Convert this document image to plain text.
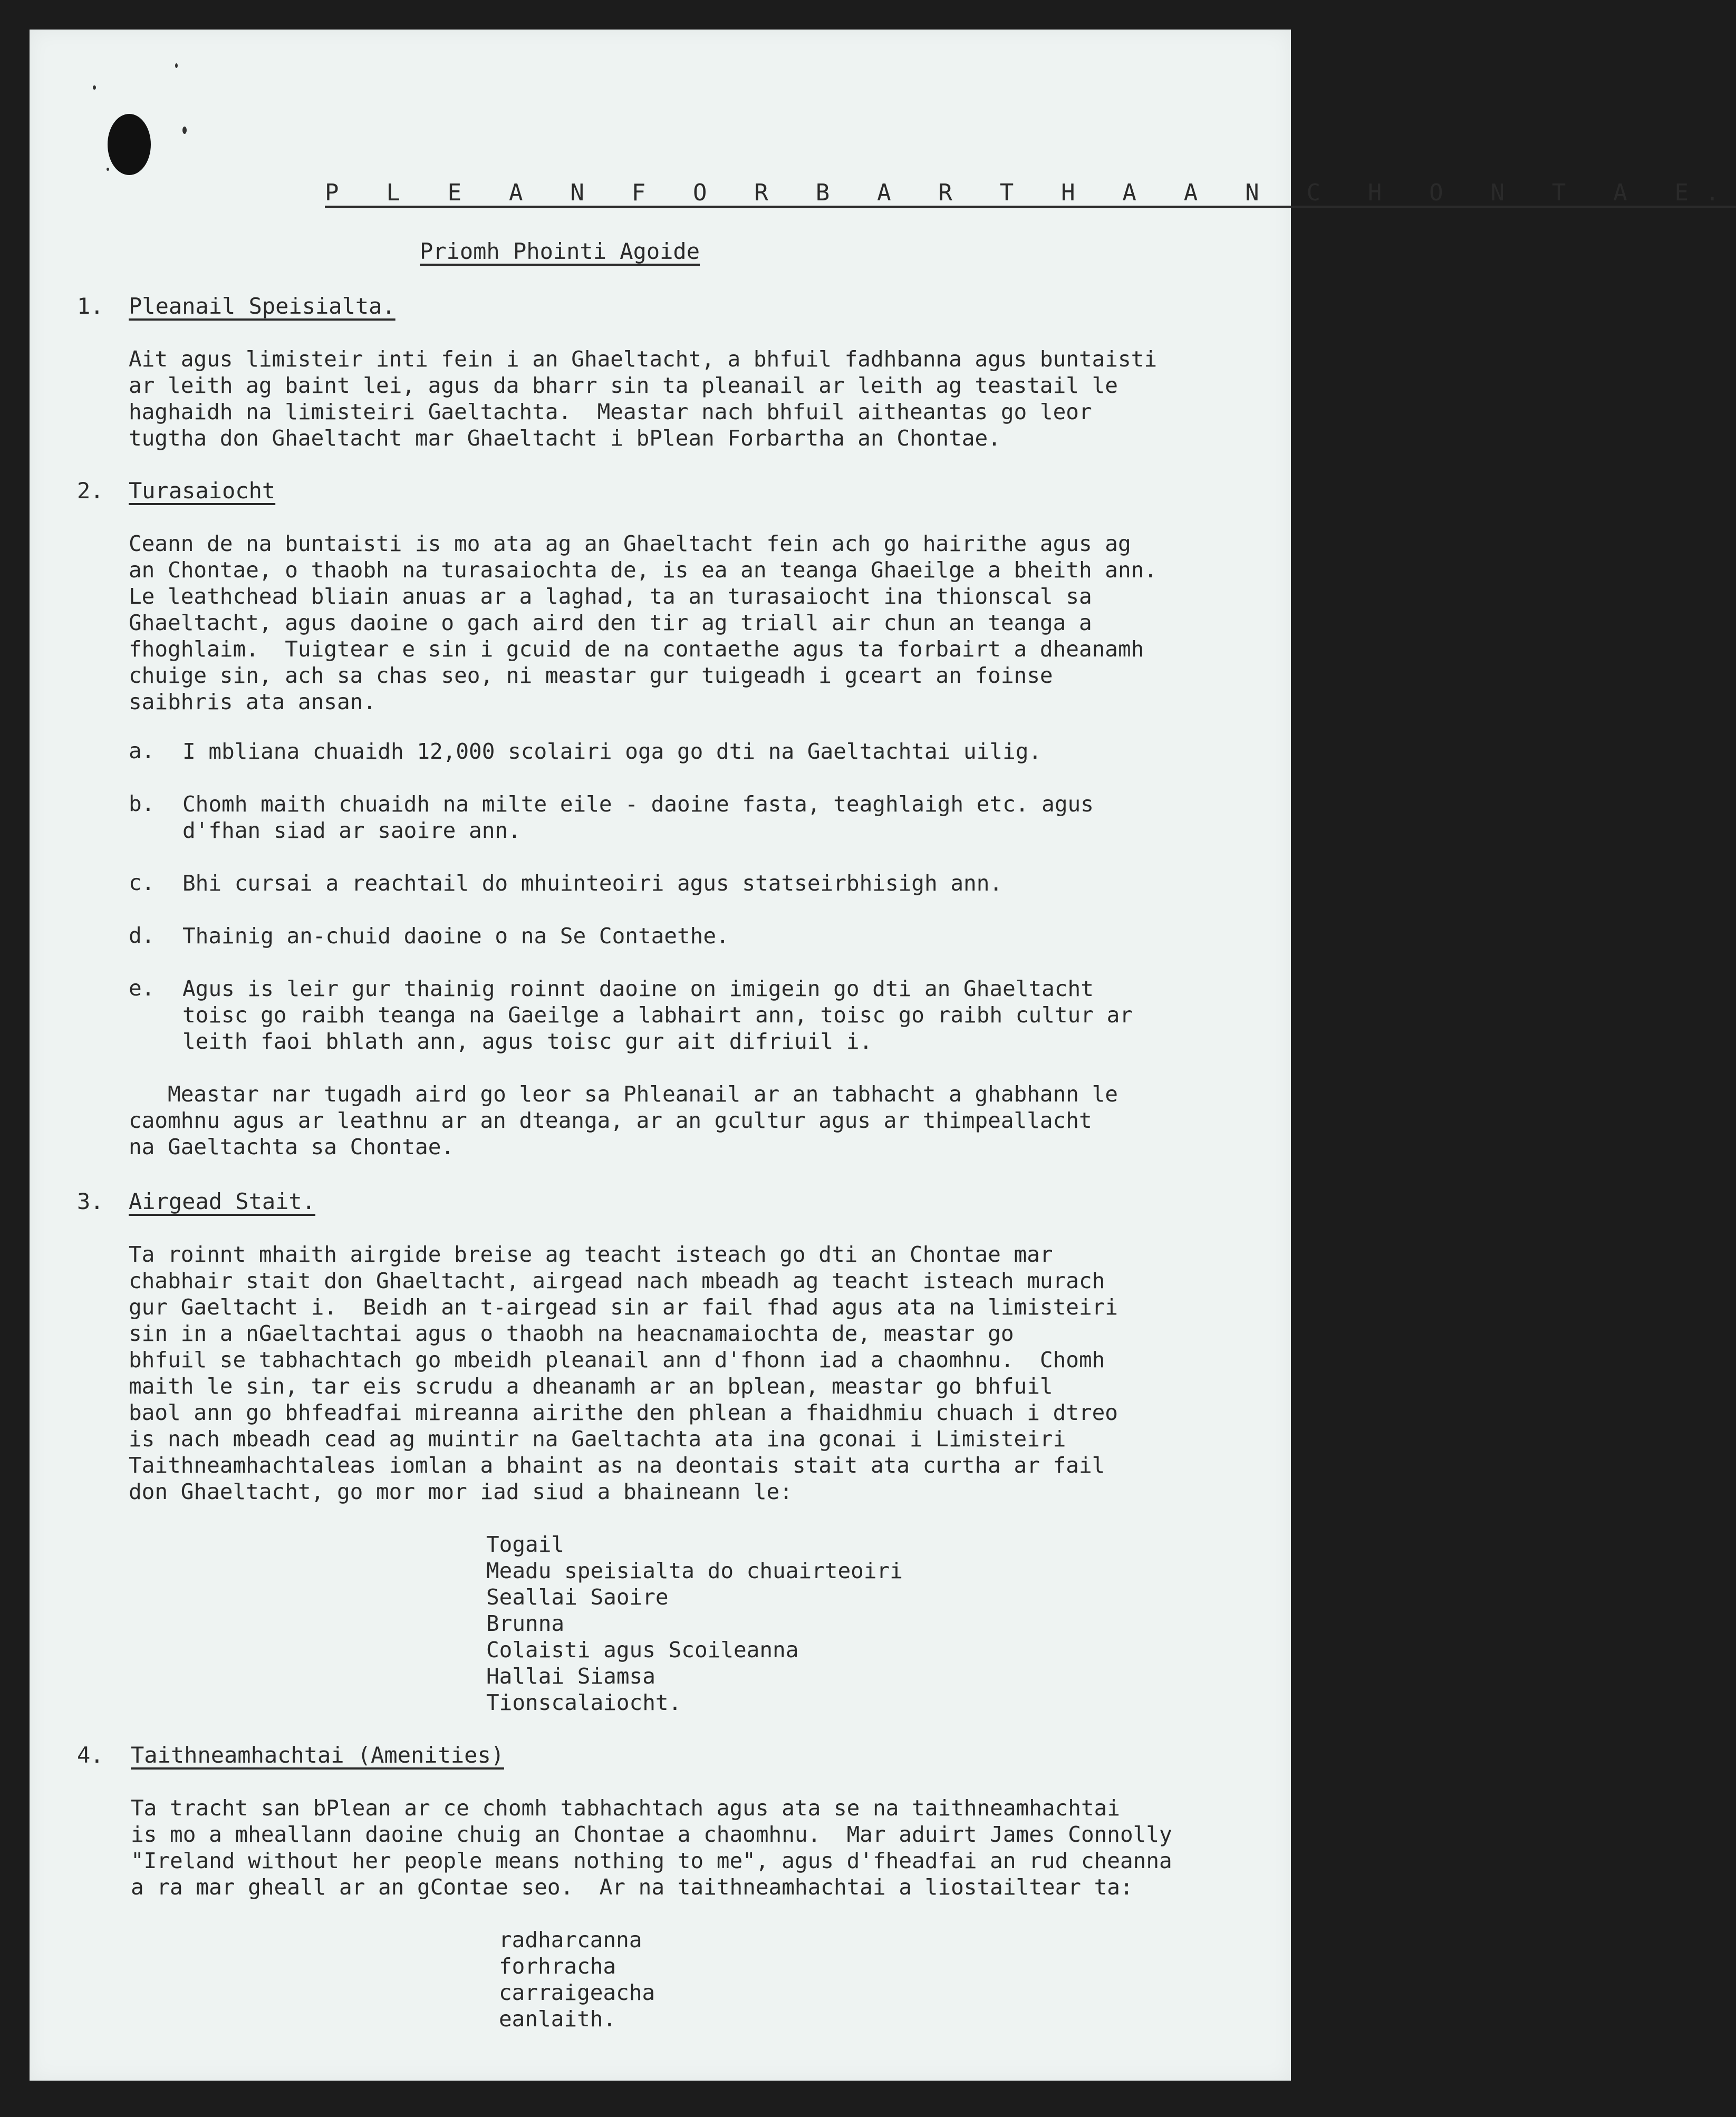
P L E A N F O R B A R T H A A N C H O N T A E.
Priomh Phointi Agoide
1. Pleanail Speisialta.
Ait agus limisteir inti fein i an Ghaeltacht, a bhfuil fadhbanna agus buntaisti
ar leith ag baint lei, agus da bharr sin ta pleanail ar leith ag teastail le
haghaidh na limisteiri Gaeltachta.  Meastar nach bhfuil aitheantas go leor
tugtha don Ghaeltacht mar Ghaeltacht i bPlean Forbartha an Chontae.
2. Turasaiocht
Ceann de na buntaisti is mo ata ag an Ghaeltacht fein ach go hairithe agus ag
an Chontae, o thaobh na turasaiochta de, is ea an teanga Ghaeilge a bheith ann.
Le leathchead bliain anuas ar a laghad, ta an turasaiocht ina thionscal sa
Ghaeltacht, agus daoine o gach aird den tir ag triall air chun an teanga a
fhoghlaim.  Tuigtear e sin i gcuid de na contaethe agus ta forbairt a dheanamh
chuige sin, ach sa chas seo, ni meastar gur tuigeadh i gceart an foinse
saibhris ata ansan.
a. I mbliana chuaidh 12,000 scolairi oga go dti na Gaeltachtai uilig.
b. Chomh maith chuaidh na milte eile - daoine fasta, teaghlaigh etc. agus
d'fhan siad ar saoire ann.
c. Bhi cursai a reachtail do mhuinteoiri agus statseirbhisigh ann.
d. Thainig an-chuid daoine o na Se Contaethe.
e. Agus is leir gur thainig roinnt daoine on imigein go dti an Ghaeltacht
toisc go raibh teanga na Gaeilge a labhairt ann, toisc go raibh cultur ar
leith faoi bhlath ann, agus toisc gur ait difriuil i.
Meastar nar tugadh aird go leor sa Phleanail ar an tabhacht a ghabhann le
caomhnu agus ar leathnu ar an dteanga, ar an gcultur agus ar thimpeallacht
na Gaeltachta sa Chontae.
3. Airgead Stait.
Ta roinnt mhaith airgide breise ag teacht isteach go dti an Chontae mar
chabhair stait don Ghaeltacht, airgead nach mbeadh ag teacht isteach murach
gur Gaeltacht i.  Beidh an t-airgead sin ar fail fhad agus ata na limisteiri
sin in a nGaeltachtai agus o thaobh na heacnamaiochta de, meastar go
bhfuil se tabhachtach go mbeidh pleanail ann d'fhonn iad a chaomhnu.  Chomh
maith le sin, tar eis scrudu a dheanamh ar an bplean, meastar go bhfuil
baol ann go bhfeadfai mireanna airithe den phlean a fhaidhmiu chuach i dtreo
is nach mbeadh cead ag muintir na Gaeltachta ata ina gconai i Limisteiri
Taithneamhachtaleas iomlan a bhaint as na deontais stait ata curtha ar fail
don Ghaeltacht, go mor mor iad siud a bhaineann le:
Togail
Meadu speisialta do chuairteoiri
Seallai Saoire
Brunna
Colaisti agus Scoileanna
Hallai Siamsa
Tionscalaiocht.
4. Taithneamhachtai (Amenities)
Ta tracht san bPlean ar ce chomh tabhachtach agus ata se na taithneamhachtai
is mo a mheallann daoine chuig an Chontae a chaomhnu.  Mar aduirt James Connolly
"Ireland without her people means nothing to me", agus d'fheadfai an rud cheanna
a ra mar gheall ar an gContae seo.  Ar na taithneamhachtai a liostailtear ta:
radharcanna
forhracha
carraigeacha
eanlaith.
